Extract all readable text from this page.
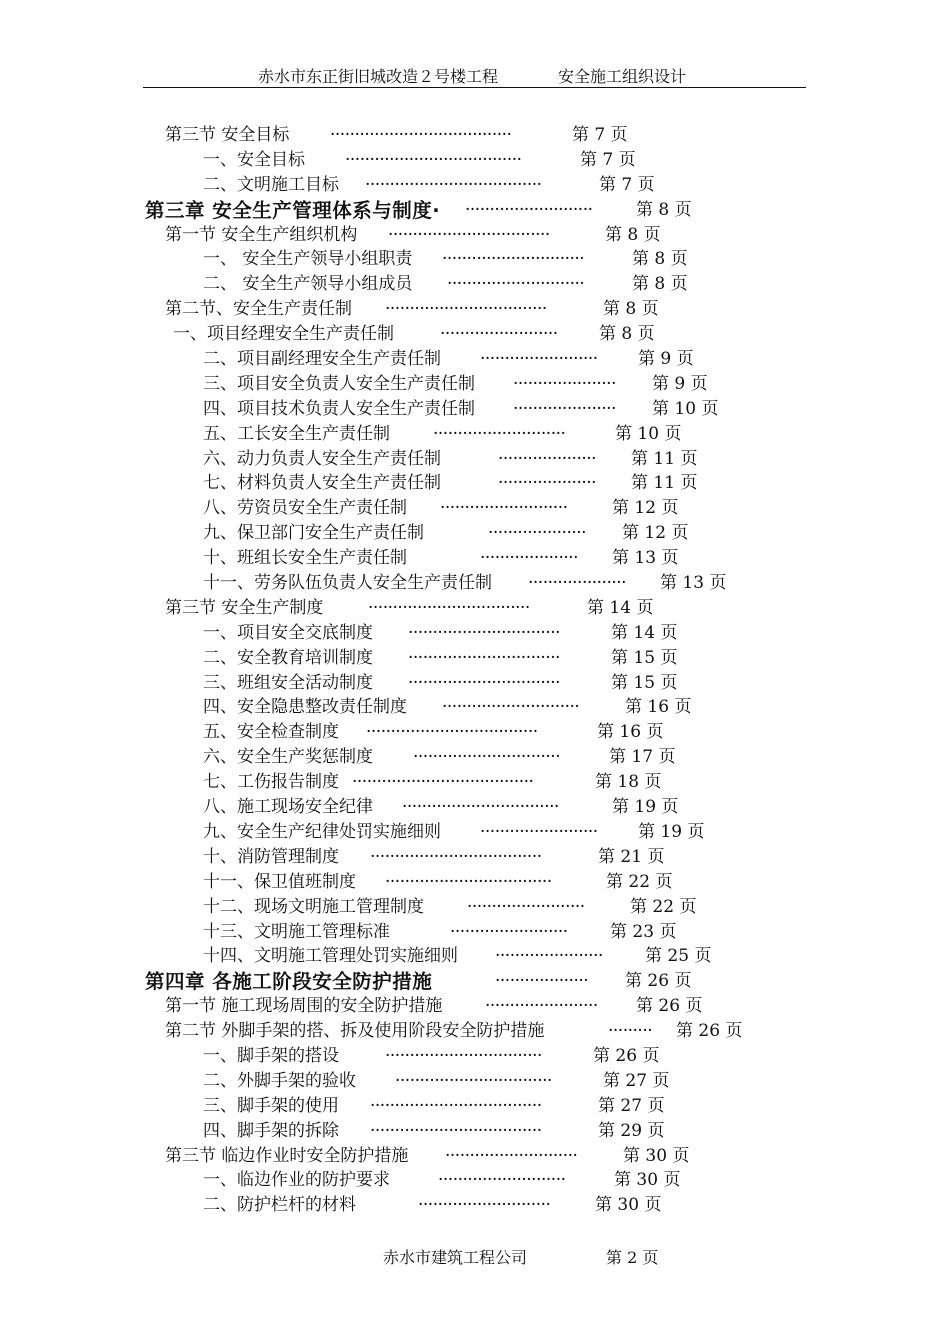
赤水市东正街旧城改造２号楼工程	安全施工组织设计
第三节 安全目标 ·····································	第 7 页
一、安全目标 ····································	第 7 页
二、文明施工目标 ····································	第 7 页
第三章 安全生产管理体系与制度· ··························	第 8 页
第一节 安全生产组织机构 ·································	第 8 页
一、 安全生产领导小组职责 ·····························	第 8 页
二、 安全生产领导小组成员 ····························	第 8 页
第二节、安全生产责任制 ·································	第 8 页
一、项目经理安全生产责任制	························	第 8 页
二、项目副经理安全生产责任制 ························	第 9 页
三、项目安全负责人安全生产责任制 ·····················	第 9 页
四、项目技术负责人安全生产责任制 ·····················	第 10 页
五、工长安全生产责任制	···························	第 10 页
六、动力负责人安全生产责任制	····················	第 11 页
七、材料负责人安全生产责任制	····················	第 11 页
八、劳资员安全生产责任制 ··························	第 12 页
九、保卫部门安全生产责任制	····················	第 12 页
十、班组长安全生产责任制	····················	第 13 页
十一、劳务队伍负责人安全生产责任制 ····················	第 13 页
第三节 安全生产制度	·································	第 14 页
一、项目安全交底制度 ·······························	第 14 页
二、安全教育培训制度 ·······························	第 15 页
三、班组安全活动制度 ·······························	第 15 页
四、安全隐患整改责任制度 ····························	第 16 页
五、安全检查制度 ···································	第 16 页
六、安全生产奖惩制度 ······························	第 17 页
七、工伤报告制度 ·····································	第 18 页
八、施工现场安全纪律 ································	第 19 页
九、安全生产纪律处罚实施细则 ························	第 19 页
十、消防管理制度 ···································	第 21 页
十一、保卫值班制度 ··································	第 22 页
十二、现场文明施工管理制度	························	第 22 页
十三、文明施工管理标准	························	第 23 页
十四、文明施工管理处罚实施细则 ······················	第 25 页
第四章 各施工阶段安全防护措施	···················	第 26 页
第一节 施工现场周围的安全防护措施	·······················	第 26 页
第二节 外脚手架的搭、拆及使用阶段安全防护措施	·········	第 26 页
一、脚手架的搭设	································	第 26 页
二、外脚手架的验收 ································	第 27 页
三、脚手架的使用 ···································	第 27 页
四、脚手架的拆除 ···································	第 29 页
第三节 临边作业时安全防护措施 ···························	第 30 页
一、临边作业的防护要求	··························	第 30 页
二、防护栏杆的材料	···························	第 30 页
赤水市建筑工程公司	第 2 页
